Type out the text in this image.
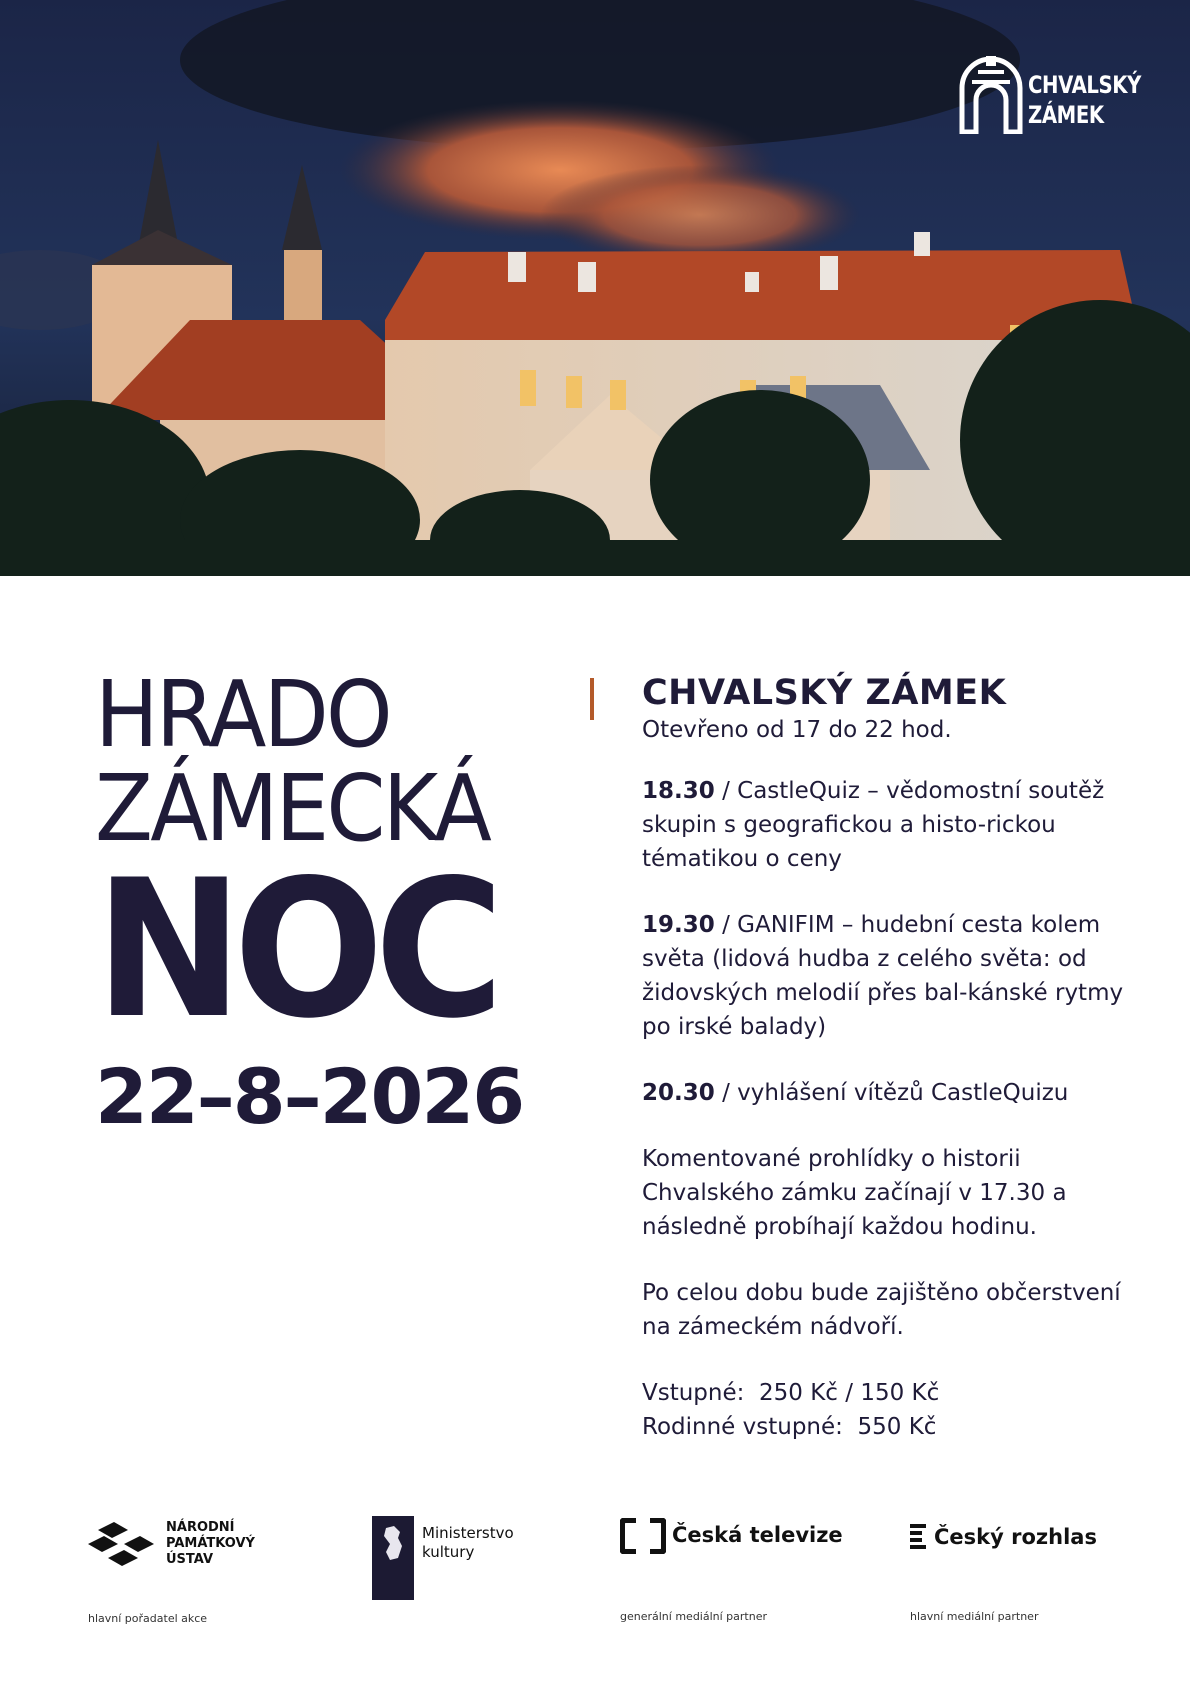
CHVALSKÝ
ZÁMEK
HRADO
ZÁMECKÁ
NOC
22–8–2026
CHVALSKÝ ZÁMEK
Otevřeno od 17 do 22 hod.

18.30 / CastleQuiz – vědomostní soutěž skupin s geografickou a histo-rickou tématikou o ceny

19.30 / GANIFIM – hudební cesta kolem světa (lidová hudba z celého světa: od židovských melodií přes bal-kánské rytmy po irské balady)

20.30 / vyhlášení vítězů CastleQuizu

Komentované prohlídky o historii Chvalského zámku začínají v 17.30 a následně probíhají každou hodinu.

Po celou dobu bude zajištěno občerstvení na zámeckém nádvoří.

Vstupné: 250 Kč / 150 Kč
Rodinné vstupné: 550 Kč
NÁRODNÍ
PAMÁTKOVÝ
ÚSTAV
hlavní pořadatel akce
Ministerstvo
kultury
Česká televize
generální mediální partner
Český rozhlas
hlavní mediální partner
